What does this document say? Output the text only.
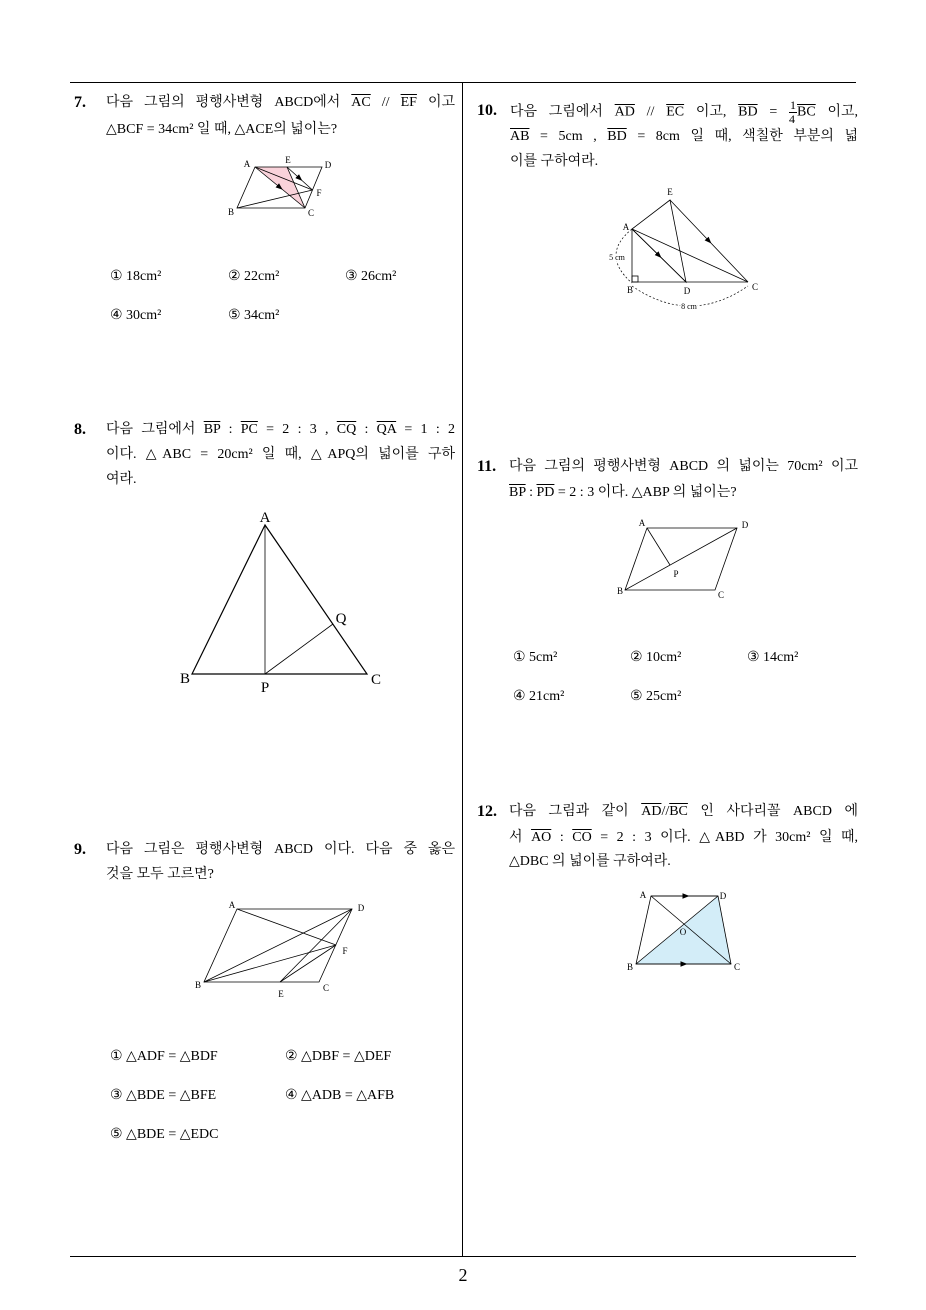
2
7. 다음 그림의 평행사변형 ABCD에서 $\overline{AC} // \overline{EF}$ 이고
△BCF = 34cm² 일 때, △ACE의 넓이는?
① 18cm²	② 22cm²	③ 26cm²
④ 30cm²	⑤ 34cm²
8. 다음 그림에서 $\overline{BP}$ : $\overline{PC} = 2$ : 3 , $\overline{CQ}$ : $\overline{QA} = 1$ : 2
이다. △ABC = 20cm² 일 때, △APQ의 넓이를 구하
여라.
9. 다음 그림은 평행사변형 ABCD 이다. 다음 중 옳은
것을 모두 고르면?
① △ADF = △BDF	② △DBF = △DEF
③ △BDE = △BFE	④ △ADB = △AFB
⑤ △BDE = △EDC
10. 다음 그림에서 $\overline{AD} // \overline{EC}$ 이고, $\overline{BD} = \frac{1}{4} \overline{BC}$ 이고,
$\overline{AB} = 5cm$ , $\overline{BD} = 8cm$ 일 때, 색칠한 부분의 넓
이를 구하여라.
11. 다음 그림의 평행사변형 ABCD 의 넓이는 70cm² 이고
$\overline{BP}$ : $\overline{PD} = 2$ : 3 이다. △ABP 의 넓이는?
① 5cm²	② 10cm²	③ 14cm²
④ 21cm²	⑤ 25cm²
12. 다음 그림과 같이 $\overline{AD}//\overline{BC}$ 인 사다리꼴 ABCD 에
서 $\overline{AO}$ : $\overline{CO} = 2$ : 3 이다. △ABD 가 30cm² 일 때,
△DBC 의 넓이를 구하여라.
A	E	D
F
B	C
A
B	C
P
Q
A	D
F
B
E
C
E
A
B	D	C
5 cm
8 cm
A	D
P
B	C
A	D
O
B	C
